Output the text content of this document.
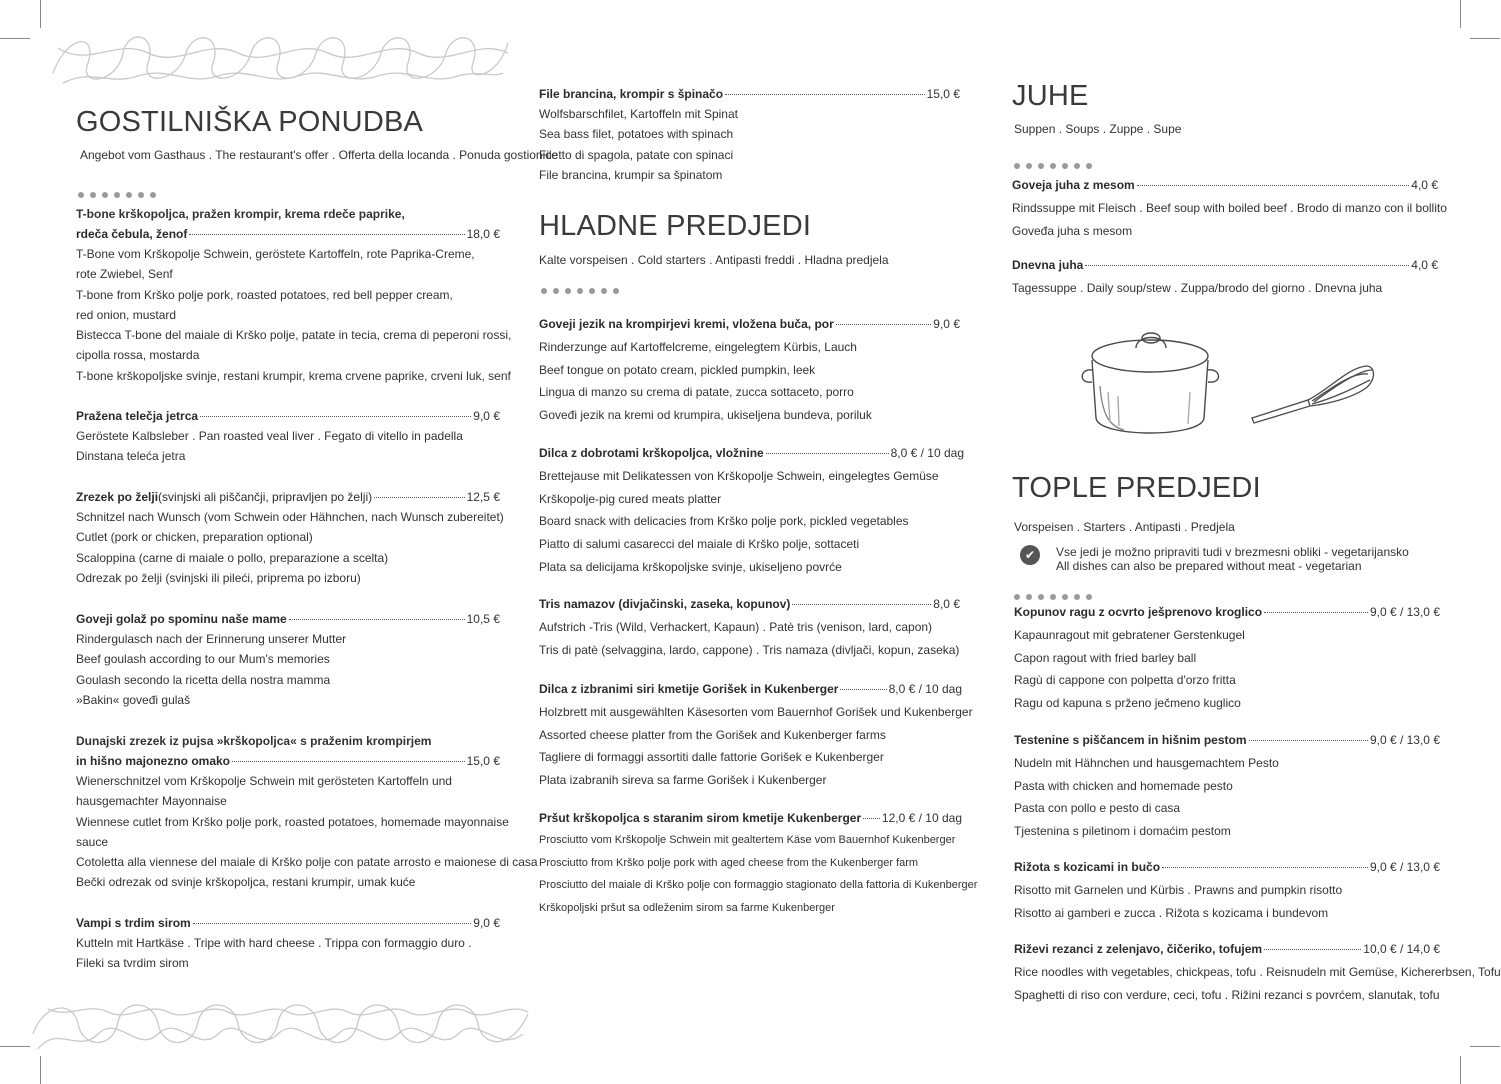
GOSTILNIŠKA PONUDBA
Angebot vom Gasthaus . The restaurant's offer . Offerta della locanda . Ponuda gostionice
T-bone krškopoljca, pražen krompir, krema rdeče paprike,
rdeča čebula, ženof	18,0 €
T-Bone vom Krškopolje Schwein, geröstete Kartoffeln, rote Paprika-Creme,
rote Zwiebel, Senf
T-bone from Krško polje pork, roasted potatoes, red bell pepper cream,
red onion, mustard
Bistecca T-bone del maiale di Krško polje, patate in tecia, crema di peperoni rossi,
cipolla rossa, mostarda
T-bone krškopoljske svinje, restani krumpir, krema crvene paprike, crveni luk, senf
Pražena telečja jetrca	9,0 €
Geröstete Kalbsleber . Pan roasted veal liver . Fegato di vitello in padella
Dinstana teleća jetra
Zrezek po želji (svinjski ali piščančji, pripravljen po želji)	12,5 €
Schnitzel nach Wunsch (vom Schwein oder Hähnchen, nach Wunsch zubereitet)
Cutlet (pork or chicken, preparation optional)
Scaloppina (carne di maiale o pollo, preparazione a scelta)
Odrezak po želji (svinjski ili pileći, priprema po izboru)
Goveji golaž po spominu naše mame	10,5 €
Rindergulasch nach der Erinnerung unserer Mutter
Beef goulash according to our Mum's memories
Goulash secondo la ricetta della nostra mamma
»Bakin« goveđi gulaš
Dunajski zrezek iz pujsa »krškopoljca« s praženim krompirjem
in hišno majonezno omako	15,0 €
Wienerschnitzel vom Krškopolje Schwein mit gerösteten Kartoffeln und
hausgemachter Mayonnaise
Wiennese cutlet from Krško polje pork, roasted potatoes, homemade mayonnaise
sauce
Cotoletta alla viennese del maiale di Krško polje con patate arrosto e maionese di casa
Bečki odrezak od svinje krškopoljca, restani krumpir, umak kuće
Vampi s trdim sirom	9,0 €
Kutteln mit Hartkäse . Tripe with hard cheese . Trippa con formaggio duro .
Fileki sa tvrdim sirom
File brancina, krompir s špinačo	15,0 €
Wolfsbarschfilet, Kartoffeln mit Spinat
Sea bass filet, potatoes with spinach
Filetto di spagola, patate con spinaci
File brancina, krumpir sa špinatom
HLADNE PREDJEDI
Kalte vorspeisen . Cold starters . Antipasti freddi . Hladna predjela
Goveji jezik na krompirjevi kremi, vložena buča, por	9,0 €
Rinderzunge auf Kartoffelcreme, eingelegtem Kürbis, Lauch
Beef tongue on potato cream, pickled pumpkin, leek
Lingua di manzo su crema di patate, zucca sottaceto, porro
Goveđi jezik na kremi od krumpira, ukiseljena bundeva, poriluk
Dilca z dobrotami krškopoljca, vložnine	8,0 € / 10 dag
Brettejause mit Delikatessen von Krškopolje Schwein, eingelegtes Gemüse
Krškopolje-pig cured meats platter
Board snack with delicacies from Krško polje pork, pickled vegetables
Piatto di salumi casarecci del maiale di Krško polje, sottaceti
Plata sa delicijama krškopoljske svinje, ukiseljeno povrće
Tris namazov (divjačinski, zaseka, kopunov)	8,0 €
Aufstrich -Tris (Wild, Verhackert, Kapaun) . Patè tris (venison, lard, capon)
Tris di patè (selvaggina, lardo, cappone) . Tris namaza (divljači, kopun, zaseka)
Dilca z izbranimi siri kmetije Gorišek in Kukenberger	8,0 € / 10 dag
Holzbrett mit ausgewählten Käsesorten vom Bauernhof Gorišek und Kukenberger
Assorted cheese platter from the Gorišek and Kukenberger farms
Tagliere di formaggi assortiti dalle fattorie Gorišek e Kukenberger
Plata izabranih sireva sa farme Gorišek i Kukenberger
Pršut krškopoljca s staranim sirom kmetije Kukenberger 12,0 € / 10 dag
Prosciutto vom Krškopolje Schwein mit gealtertem Käse vom Bauernhof Kukenberger
Prosciutto from Krško polje pork with aged cheese from the Kukenberger farm
Prosciutto del maiale di Krško polje con formaggio stagionato della fattoria di Kukenberger
Krškopoljski pršut sa odleženim sirom sa farme Kukenberger
JUHE
Suppen . Soups . Zuppe . Supe
Goveja juha z mesom	4,0 €
Rindssuppe mit Fleisch . Beef soup with boiled beef . Brodo di manzo con il bollito
Goveđa juha s mesom
Dnevna juha	4,0 €
Tagessuppe . Daily soup/stew . Zuppa/brodo del giorno . Dnevna juha
TOPLE PREDJEDI
Vorspeisen . Starters . Antipasti . Predjela
✔	Vse jedi je možno pripraviti tudi v brezmesni obliki - vegetarijansko
All dishes can also be prepared without meat - vegetarian
Kopunov ragu z ocvrto ješprenovo kroglico	9,0 € / 13,0 €
Kapaunragout mit gebratener Gerstenkugel
Capon ragout with fried barley ball
Ragù di cappone con polpetta d'orzo fritta
Ragu od kapuna s prženo ječmeno kuglico
Testenine s piščancem in hišnim pestom	9,0 € / 13,0 €
Nudeln mit Hähnchen und hausgemachtem Pesto
Pasta with chicken and homemade pesto
Pasta con pollo e pesto di casa
Tjestenina s piletinom i domaćim pestom
Rižota s kozicami in bučo	9,0 € / 13,0 €
Risotto mit Garnelen und Kürbis . Prawns and pumpkin risotto
Risotto ai gamberi e zucca . Rižota s kozicama i bundevom
Riževi rezanci z zelenjavo, čičeriko, tofujem	10,0 € / 14,0 €
Rice noodles with vegetables, chickpeas, tofu . Reisnudeln mit Gemüse, Kichererbsen, Tofu
Spaghetti di riso con verdure, ceci, tofu . Rižini rezanci s povrćem, slanutak, tofu
